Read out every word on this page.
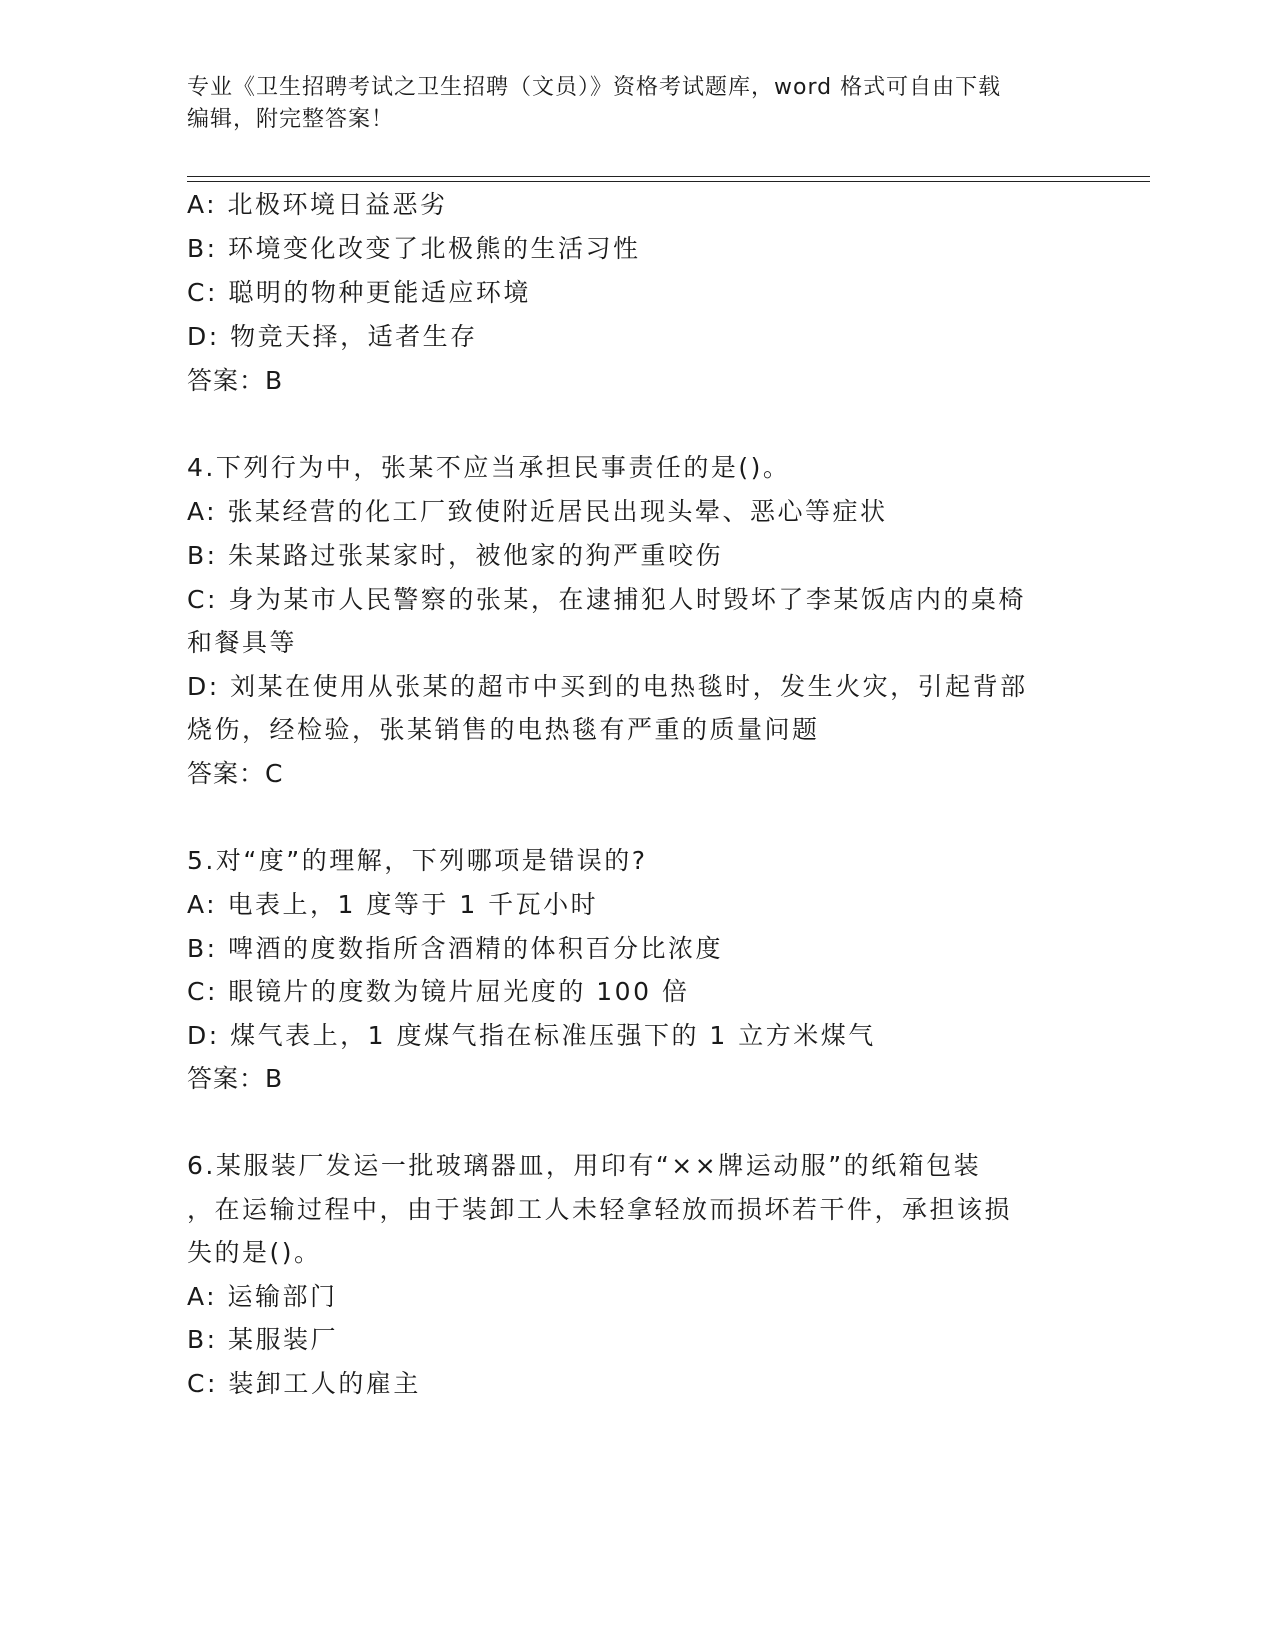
专业《卫生招聘考试之卫生招聘（文员）》资格考试题库，word 格式可自由下载
编辑，附完整答案！
A: 北极环境日益恶劣
B: 环境变化改变了北极熊的生活习性
C: 聪明的物种更能适应环境
D: 物竞天择，适者生存
答案：B
4.下列行为中，张某不应当承担民事责任的是()。
A: 张某经营的化工厂致使附近居民出现头晕、恶心等症状
B: 朱某路过张某家时，被他家的狗严重咬伤
C: 身为某市人民警察的张某，在逮捕犯人时毁坏了李某饭店内的桌椅
和餐具等
D: 刘某在使用从张某的超市中买到的电热毯时，发生火灾，引起背部
烧伤，经检验，张某销售的电热毯有严重的质量问题
答案：C
5.对“度”的理解，下列哪项是错误的?
A: 电表上，1 度等于 1 千瓦小时
B: 啤酒的度数指所含酒精的体积百分比浓度
C: 眼镜片的度数为镜片屈光度的 100 倍
D: 煤气表上，1 度煤气指在标准压强下的 1 立方米煤气
答案：B
6.某服装厂发运一批玻璃器皿，用印有“××牌运动服”的纸箱包装
，在运输过程中，由于装卸工人未轻拿轻放而损坏若干件，承担该损
失的是()。
A: 运输部门
B: 某服装厂
C: 装卸工人的雇主
